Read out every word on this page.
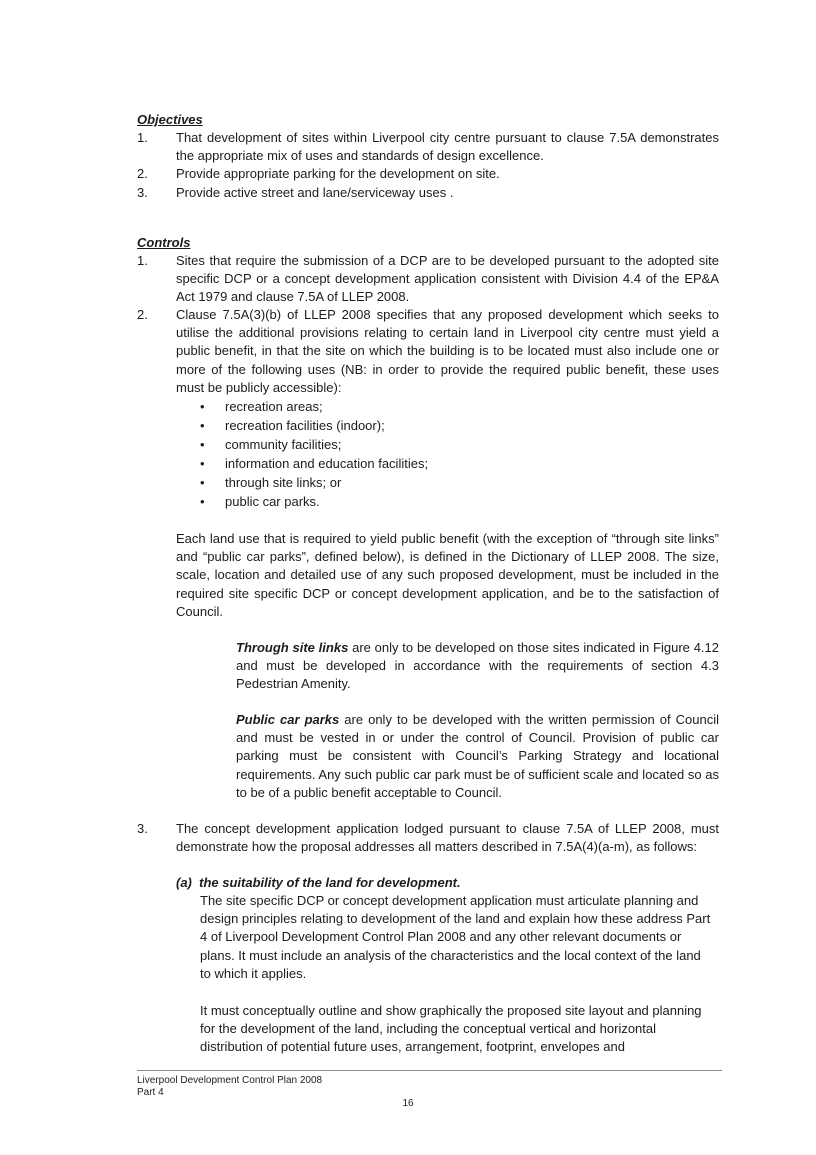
Objectives
1. That development of sites within Liverpool city centre pursuant to clause 7.5A demonstrates the appropriate mix of uses and standards of design excellence.
2. Provide appropriate parking for the development on site.
3. Provide active street and lane/serviceway uses .
Controls
1. Sites that require the submission of a DCP are to be developed pursuant to the adopted site specific DCP or a concept development application consistent with Division 4.4 of the EP&A Act 1979 and clause 7.5A of LLEP 2008.
2. Clause 7.5A(3)(b) of LLEP 2008 specifies that any proposed development which seeks to utilise the additional provisions relating to certain land in Liverpool city centre must yield a public benefit, in that the site on which the building is to be located must also include one or more of the following uses (NB: in order to provide the required public benefit, these uses must be publicly accessible):
• recreation areas;
• recreation facilities (indoor);
• community facilities;
• information and education facilities;
• through site links; or
• public car parks.
Each land use that is required to yield public benefit (with the exception of “through site links” and “public car parks”, defined below), is defined in the Dictionary of LLEP 2008. The size, scale, location and detailed use of any such proposed development, must be included in the required site specific DCP or concept development application, and be to the satisfaction of Council.
Through site links are only to be developed on those sites indicated in Figure 4.12 and must be developed in accordance with the requirements of section 4.3 Pedestrian Amenity.
Public car parks are only to be developed with the written permission of Council and must be vested in or under the control of Council. Provision of public car parking must be consistent with Council’s Parking Strategy and locational requirements. Any such public car park must be of sufficient scale and located so as to be of a public benefit acceptable to Council.
3. The concept development application lodged pursuant to clause 7.5A of LLEP 2008, must demonstrate how the proposal addresses all matters described in 7.5A(4)(a-m), as follows:
(a)  the suitability of the land for development.
The site specific DCP or concept development application must articulate planning and design principles relating to development of the land and explain how these address Part 4 of Liverpool Development Control Plan 2008 and any other relevant documents or plans. It must include an analysis of the characteristics and the local context of the land to which it applies.
It must conceptually outline and show graphically the proposed site layout and planning for the development of the land, including the conceptual vertical and horizontal distribution of potential future uses, arrangement, footprint, envelopes and
Liverpool Development Control Plan 2008
Part 4
16
